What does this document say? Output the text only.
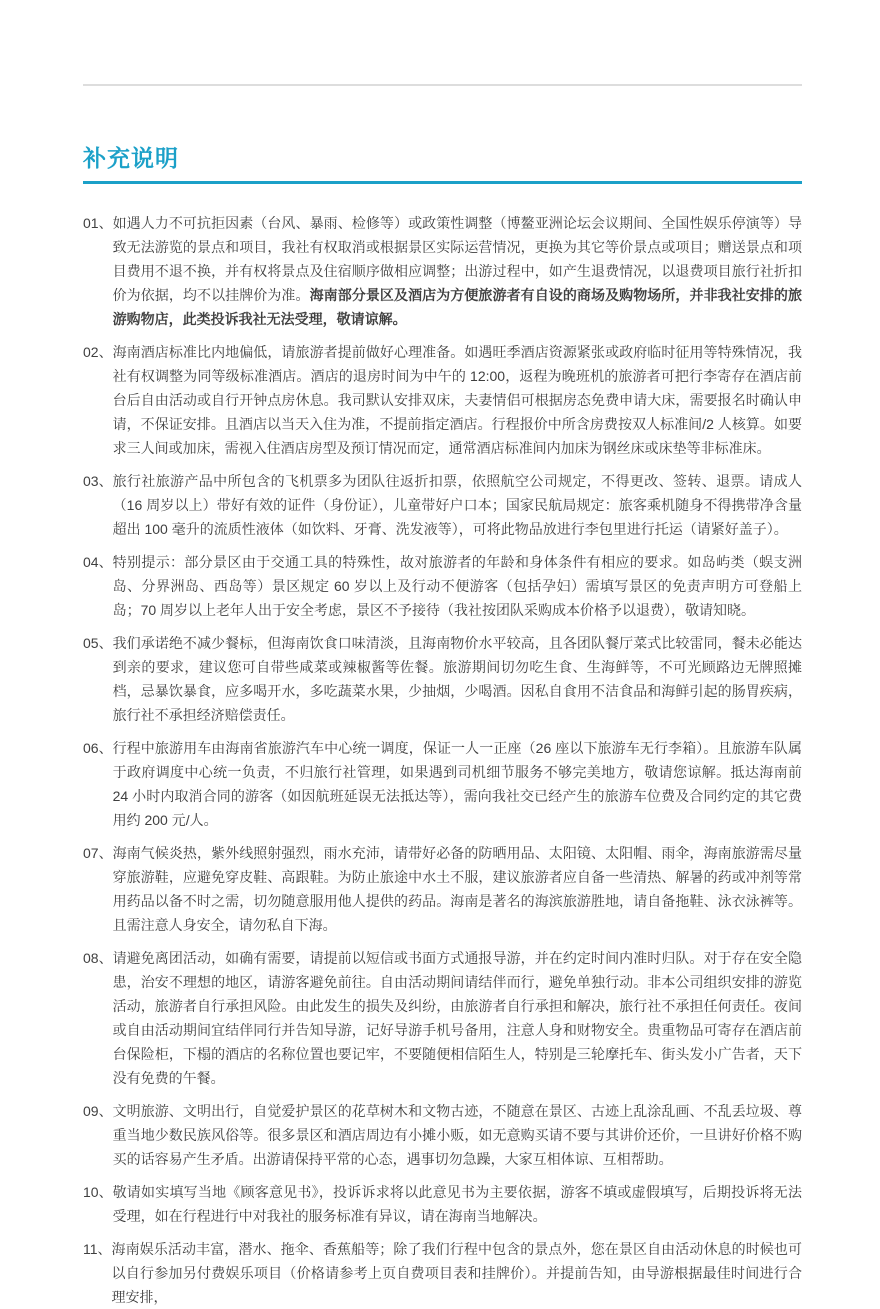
补充说明
01、 如遇人力不可抗拒因素（台风、暴雨、检修等）或政策性调整（博鳌亚洲论坛会议期间、全国性娱乐停演等）导致无法游览的景点和项目，我社有权取消或根据景区实际运营情况，更换为其它等价景点或项目；赠送景点和项目费用不退不换，并有权将景点及住宿顺序做相应调整；出游过程中，如产生退费情况，以退费项目旅行社折扣价为依据，均不以挂牌价为准。海南部分景区及酒店为方便旅游者有自设的商场及购物场所，并非我社安排的旅游购物店，此类投诉我社无法受理，敬请谅解。

02、 海南酒店标准比内地偏低，请旅游者提前做好心理准备。如遇旺季酒店资源紧张或政府临时征用等特殊情况，我社有权调整为同等级标准酒店。酒店的退房时间为中午的 12:00，返程为晚班机的旅游者可把行李寄存在酒店前台后自由活动或自行开钟点房休息。我司默认安排双床，夫妻情侣可根据房态免费申请大床，需要报名时确认申请，不保证安排。且酒店以当天入住为准，不提前指定酒店。行程报价中所含房费按双人标准间/2 人核算。如要求三人间或加床，需视入住酒店房型及预订情况而定，通常酒店标准间内加床为钢丝床或床垫等非标准床。

03、 旅行社旅游产品中所包含的飞机票多为团队往返折扣票，依照航空公司规定，不得更改、签转、退票。请成人（16 周岁以上）带好有效的证件（身份证），儿童带好户口本；国家民航局规定：旅客乘机随身不得携带净含量超出 100 毫升的流质性液体（如饮料、牙膏、洗发液等），可将此物品放进行李包里进行托运（请紧好盖子）。

04、 特别提示：部分景区由于交通工具的特殊性，故对旅游者的年龄和身体条件有相应的要求。如岛屿类（蜈支洲岛、分界洲岛、西岛等）景区规定 60 岁以上及行动不便游客（包括孕妇）需填写景区的免责声明方可登船上岛；70 周岁以上老年人出于安全考虑，景区不予接待（我社按团队采购成本价格予以退费），敬请知晓。

05、 我们承诺绝不减少餐标，但海南饮食口味清淡，且海南物价水平较高，且各团队餐厅菜式比较雷同，餐未必能达到亲的要求，建议您可自带些咸菜或辣椒酱等佐餐。旅游期间切勿吃生食、生海鲜等，不可光顾路边无牌照摊档，忌暴饮暴食，应多喝开水，多吃蔬菜水果，少抽烟，少喝酒。因私自食用不洁食品和海鲜引起的肠胃疾病，旅行社不承担经济赔偿责任。

06、 行程中旅游用车由海南省旅游汽车中心统一调度，保证一人一正座（26 座以下旅游车无行李箱）。且旅游车队属于政府调度中心统一负责，不归旅行社管理，如果遇到司机细节服务不够完美地方，敬请您谅解。抵达海南前 24 小时内取消合同的游客（如因航班延误无法抵达等），需向我社交已经产生的旅游车位费及合同约定的其它费用约 200 元/人。

07、 海南气候炎热，紫外线照射强烈，雨水充沛，请带好必备的防晒用品、太阳镜、太阳帽、雨伞，海南旅游需尽量穿旅游鞋，应避免穿皮鞋、高跟鞋。为防止旅途中水土不服，建议旅游者应自备一些清热、解暑的药或冲剂等常用药品以备不时之需，切勿随意服用他人提供的药品。海南是著名的海滨旅游胜地，请自备拖鞋、泳衣泳裤等。且需注意人身安全，请勿私自下海。

08、 请避免离团活动，如确有需要，请提前以短信或书面方式通报导游，并在约定时间内准时归队。对于存在安全隐患，治安不理想的地区，请游客避免前往。自由活动期间请结伴而行，避免单独行动。非本公司组织安排的游览活动，旅游者自行承担风险。由此发生的损失及纠纷，由旅游者自行承担和解决，旅行社不承担任何责任。夜间或自由活动期间宜结伴同行并告知导游，记好导游手机号备用，注意人身和财物安全。贵重物品可寄存在酒店前台保险柜，下榻的酒店的名称位置也要记牢，不要随便相信陌生人，特别是三轮摩托车、街头发小广告者，天下没有免费的午餐。

09、 文明旅游、文明出行，自觉爱护景区的花草树木和文物古迹，不随意在景区、古迹上乱涂乱画、不乱丢垃圾、尊重当地少数民族风俗等。很多景区和酒店周边有小摊小贩，如无意购买请不要与其讲价还价，一旦讲好价格不购买的话容易产生矛盾。出游请保持平常的心态，遇事切勿急躁，大家互相体谅、互相帮助。

10、 敬请如实填写当地《顾客意见书》，投诉诉求将以此意见书为主要依据，游客不填或虚假填写，后期投诉将无法受理，如在行程进行中对我社的服务标准有异议，请在海南当地解决。

11、 海南娱乐活动丰富，潜水、拖伞、香蕉船等；除了我们行程中包含的景点外，您在景区自由活动休息的时候也可以自行参加另付费娱乐项目（价格请参考上页自费项目表和挂牌价）。并提前告知，由导游根据最佳时间进行合理安排，
